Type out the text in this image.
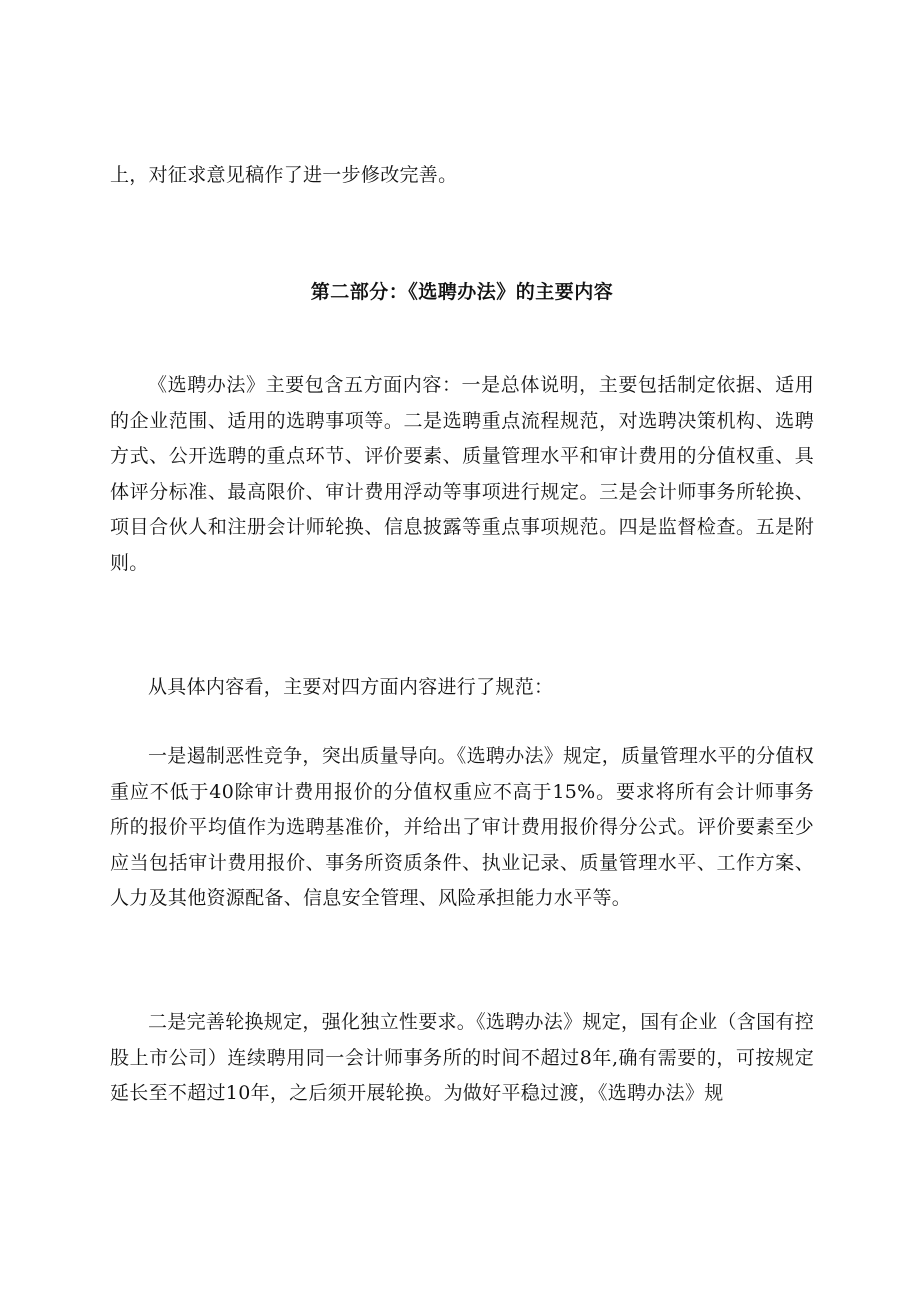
上，对征求意见稿作了进一步修改完善。

第二部分：《选聘办法》的主要内容

《选聘办法》主要包含五方面内容：一是总体说明，主要包括制定依据、适用的企业范围、适用的选聘事项等。二是选聘重点流程规范，对选聘决策机构、选聘方式、公开选聘的重点环节、评价要素、质量管理水平和审计费用的分值权重、具体评分标准、最高限价、审计费用浮动等事项进行规定。三是会计师事务所轮换、项目合伙人和注册会计师轮换、信息披露等重点事项规范。四是监督检查。五是附则。

从具体内容看，主要对四方面内容进行了规范：

一是遏制恶性竞争，突出质量导向。《选聘办法》规定，质量管理水平的分值权重应不低于40除审计费用报价的分值权重应不高于15%。要求将所有会计师事务所的报价平均值作为选聘基准价，并给出了审计费用报价得分公式。评价要素至少应当包括审计费用报价、事务所资质条件、执业记录、质量管理水平、工作方案、人力及其他资源配备、信息安全管理、风险承担能力水平等。

二是完善轮换规定，强化独立性要求。《选聘办法》规定，国有企业（含国有控股上市公司）连续聘用同一会计师事务所的时间不超过8年,确有需要的，可按规定延长至不超过10年，之后须开展轮换。为做好平稳过渡，《选聘办法》规
